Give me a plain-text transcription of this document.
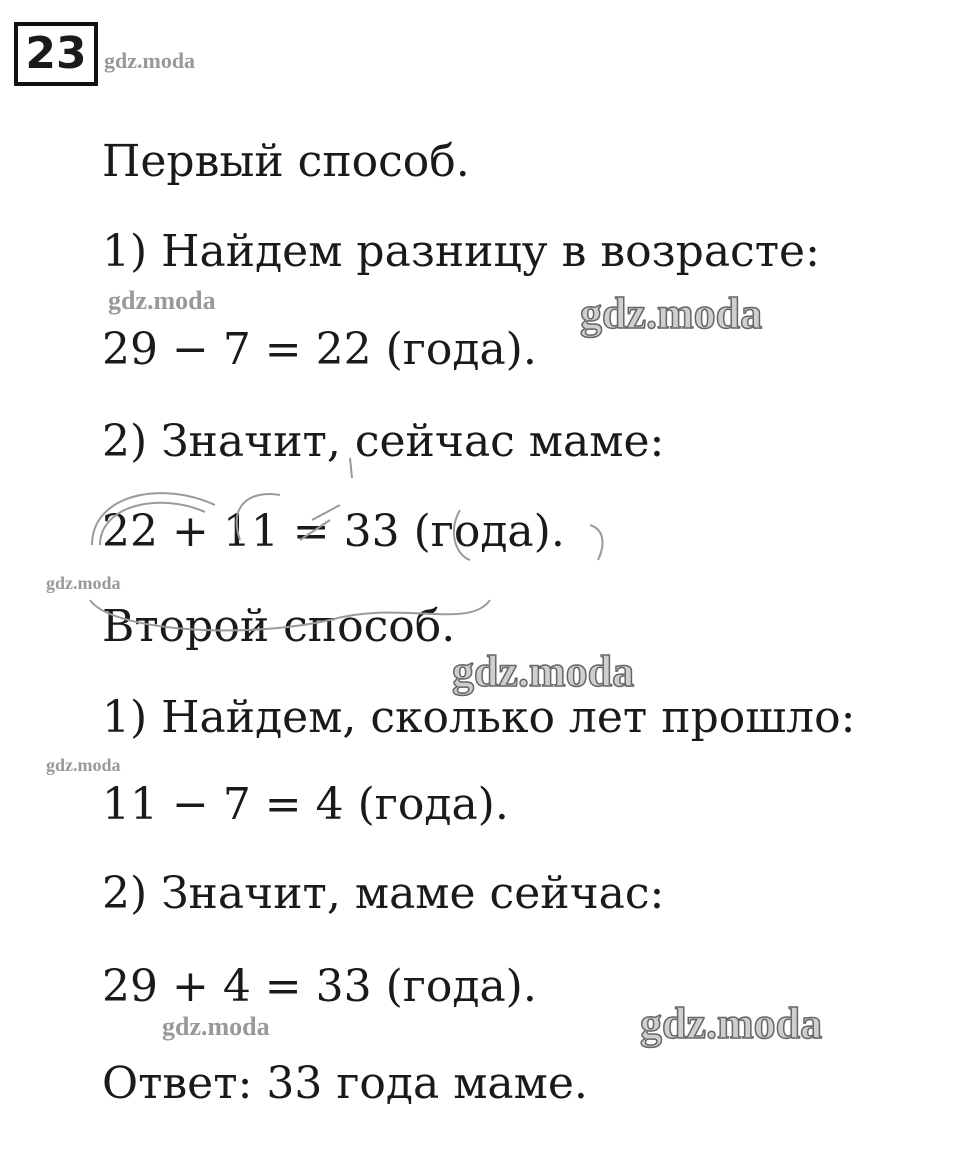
23 gdz.moda
Первый способ.
1) Найдем разницу в возрасте:
29 − 7 = 22 (года).
2) Значит, сейчас маме:
22 + 11 = 33 (года).
Второй способ.
1) Найдем, сколько лет прошло:
11 − 7 = 4 (года).
2) Значит, маме сейчас:
29 + 4 = 33 (года).
Ответ: 33 года маме.
gdz.moda	gdz.moda
gdz.moda
gdz.moda
gdz.moda
gdz.moda	gdz.moda
